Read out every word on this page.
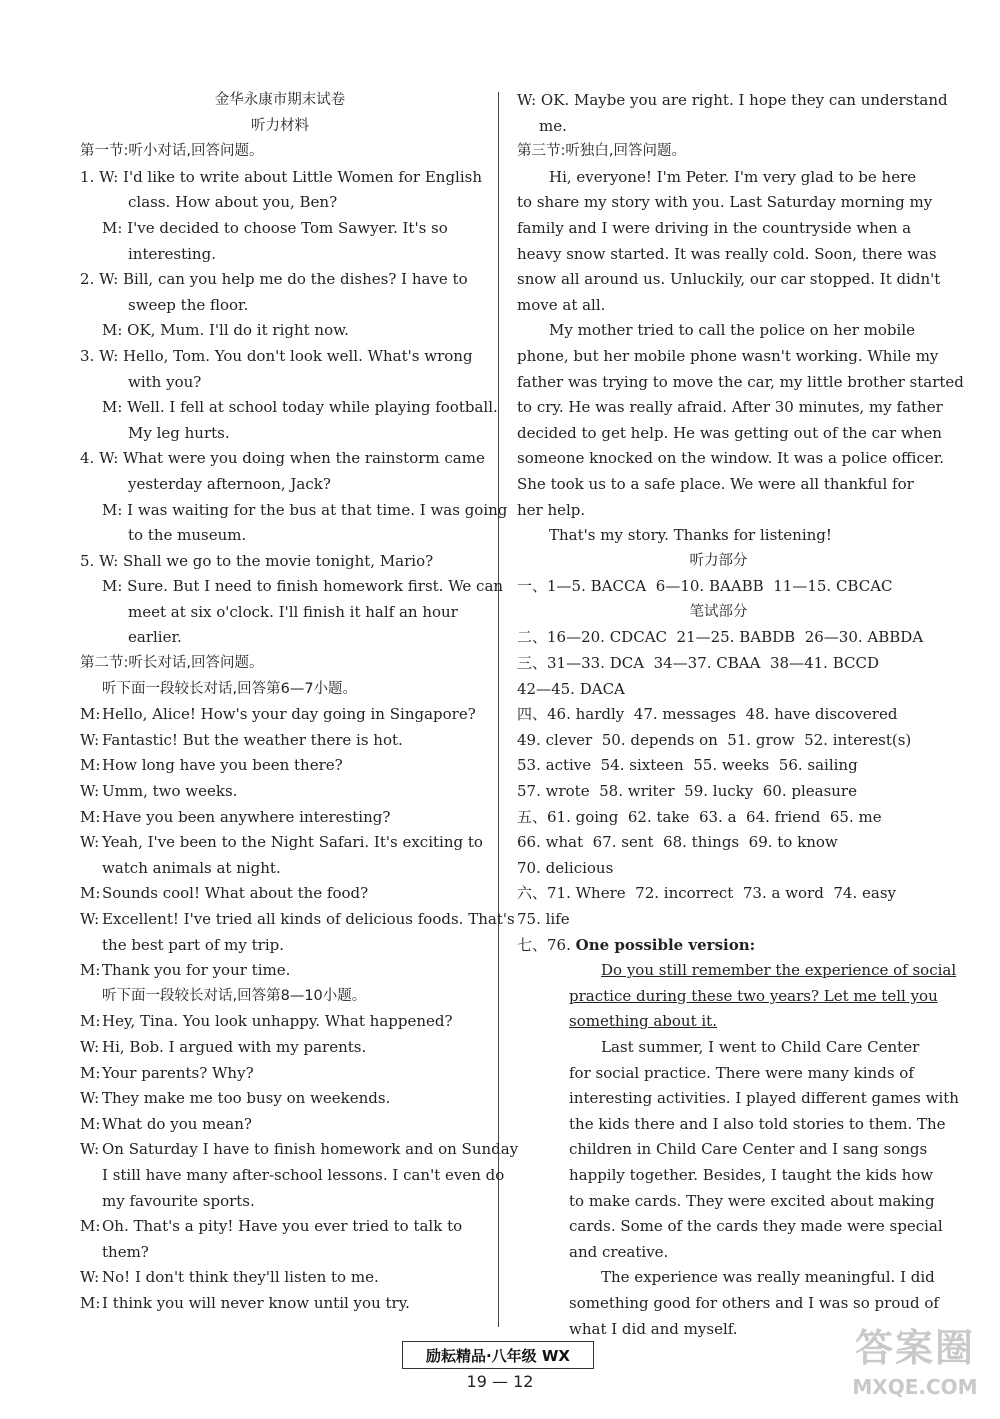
金华永康市期末试卷
听力材料
第一节:听小对话,回答问题。
1. W: I'd like to write about Little Women for English
class. How about you, Ben?
M: I've decided to choose Tom Sawyer. It's so
interesting.
2. W: Bill, can you help me do the dishes? I have to
sweep the floor.
M: OK, Mum. I'll do it right now.
3. W: Hello, Tom. You don't look well. What's wrong
with you?
M: Well. I fell at school today while playing football.
My leg hurts.
4. W: What were you doing when the rainstorm came
yesterday afternoon, Jack?
M: I was waiting for the bus at that time. I was going
to the museum.
5. W: Shall we go to the movie tonight, Mario?
M: Sure. But I need to finish homework first. We can
meet at six o'clock. I'll finish it half an hour
earlier.
第二节:听长对话,回答问题。
听下面一段较长对话,回答第6—7小题。
M: Hello, Alice! How's your day going in Singapore?
W: Fantastic! But the weather there is hot.
M: How long have you been there?
W: Umm, two weeks.
M: Have you been anywhere interesting?
W: Yeah, I've been to the Night Safari. It's exciting to
watch animals at night.
M: Sounds cool! What about the food?
W: Excellent! I've tried all kinds of delicious foods. That's
the best part of my trip.
M: Thank you for your time.
听下面一段较长对话,回答第8—10小题。
M: Hey, Tina. You look unhappy. What happened?
W: Hi, Bob. I argued with my parents.
M: Your parents? Why?
W: They make me too busy on weekends.
M: What do you mean?
W: On Saturday I have to finish homework and on Sunday
I still have many after-school lessons. I can't even do
my favourite sports.
M: Oh. That's a pity! Have you ever tried to talk to
them?
W: No! I don't think they'll listen to me.
M: I think you will never know until you try.
W: OK. Maybe you are right. I hope they can understand
me.
第三节:听独白,回答问题。
Hi, everyone! I'm Peter. I'm very glad to be here
to share my story with you. Last Saturday morning my
family and I were driving in the countryside when a
heavy snow started. It was really cold. Soon, there was
snow all around us. Unluckily, our car stopped. It didn't
move at all.
My mother tried to call the police on her mobile
phone, but her mobile phone wasn't working. While my
father was trying to move the car, my little brother started
to cry. He was really afraid. After 30 minutes, my father
decided to get help. He was getting out of the car when
someone knocked on the window. It was a police officer.
She took us to a safe place. We were all thankful for
her help.
That's my story. Thanks for listening!
听力部分
一、1—5. BACCA  6—10. BAABB  11—15. CBCAC
笔试部分
二、16—20. CDCAC  21—25. BABDB  26—30. ABBDA
三、31—33. DCA  34—37. CBAA  38—41. BCCD
42—45. DACA
四、46. hardly  47. messages  48. have discovered
49. clever  50. depends on  51. grow  52. interest(s)
53. active  54. sixteen  55. weeks  56. sailing
57. wrote  58. writer  59. lucky  60. pleasure
五、61. going  62. take  63. a  64. friend  65. me
66. what  67. sent  68. things  69. to know
70. delicious
六、71. Where  72. incorrect  73. a word  74. easy
75. life
七、76. One possible version:
Do you still remember the experience of social
practice during these two years? Let me tell you
something about it.
Last summer, I went to Child Care Center
for social practice. There were many kinds of
interesting activities. I played different games with
the kids there and I also told stories to them. The
children in Child Care Center and I sang songs
happily together. Besides, I taught the kids how
to make cards. They were excited about making
cards. Some of the cards they made were special
and creative.
The experience was really meaningful. I did
something good for others and I was so proud of
what I did and myself.
励耘精品·八年级 WX
19 — 12
答案圈
MXQE.COM
